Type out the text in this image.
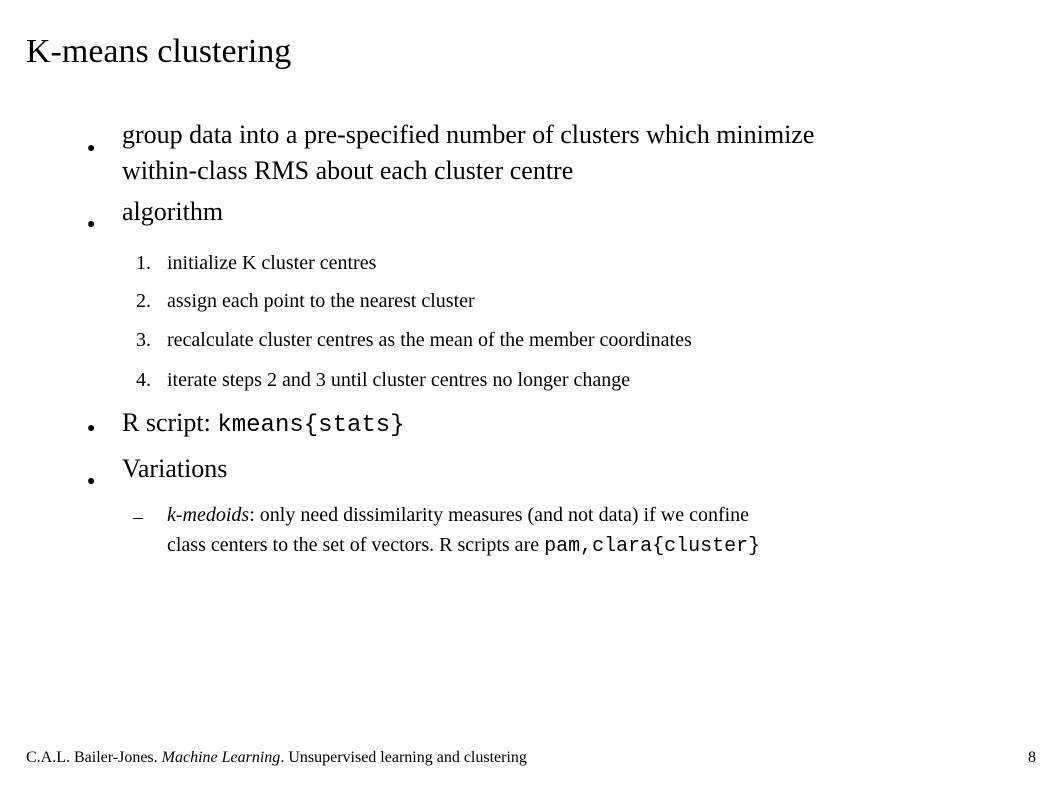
K-means clustering
● group data into a pre-specified number of clusters which minimize
within-class RMS about each cluster centre
● algorithm
1. initialize K cluster centres
2. assign each point to the nearest cluster
3. recalculate cluster centres as the mean of the member coordinates
4. iterate steps 2 and 3 until cluster centres no longer change
● R script: kmeans{stats}
● Variations
– k-medoids: only need dissimilarity measures (and not data) if we confine
class centers to the set of vectors. R scripts are pam,clara{cluster}
C.A.L. Bailer-Jones. Machine Learning. Unsupervised learning and clustering	8
